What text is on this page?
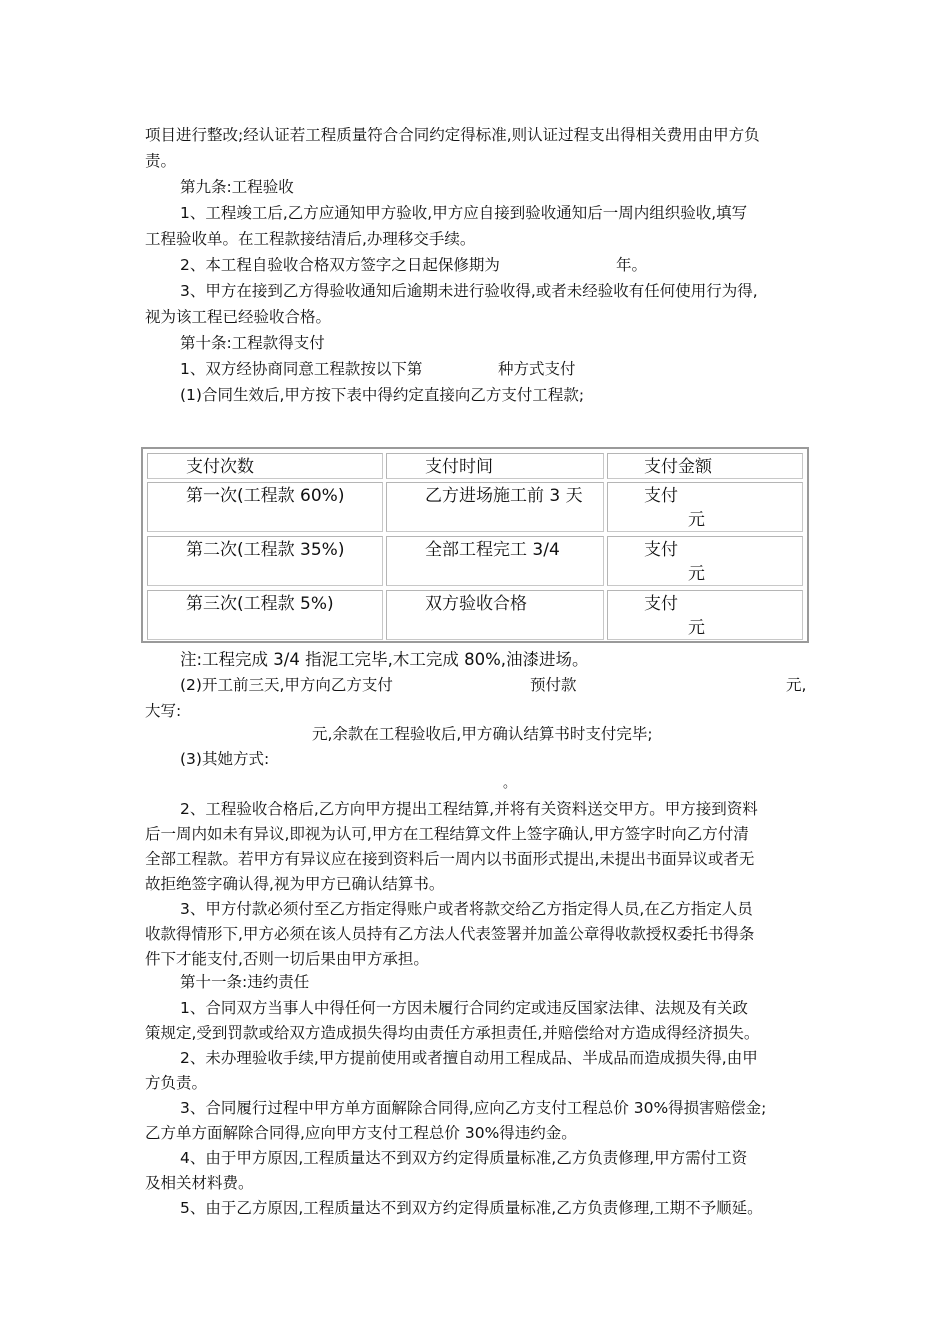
项目进行整改;经认证若工程质量符合合同约定得标准,则认证过程支出得相关费用由甲方负
责。
第九条:工程验收
1、工程竣工后,乙方应通知甲方验收,甲方应自接到验收通知后一周内组织验收,填写
工程验收单。在工程款接结清后,办理移交手续。
2、本工程自验收合格双方签字之日起保修期为	年。
3、甲方在接到乙方得验收通知后逾期未进行验收得,或者未经验收有任何使用行为得,
视为该工程已经验收合格。
第十条:工程款得支付
1、双方经协商同意工程款按以下第	种方式支付
(1)合同生效后,甲方按下表中得约定直接向乙方支付工程款;
支付次数	支付时间	支付金额
第一次(工程款 60%)	乙方进场施工前 3 天	支付
元
第二次(工程款 35%)	全部工程完工 3/4	支付
元
第三次(工程款 5%)	双方验收合格	支付
元
注:工程完成 3/4 指泥工完毕,木工完成 80%,油漆进场。
(2)开工前三天,甲方向乙方支付	预付款	元,
大写:
元,余款在工程验收后,甲方确认结算书时支付完毕;
(3)其她方式:
。
2、工程验收合格后,乙方向甲方提出工程结算,并将有关资料送交甲方。甲方接到资料
后一周内如未有异议,即视为认可,甲方在工程结算文件上签字确认,甲方签字时向乙方付清
全部工程款。若甲方有异议应在接到资料后一周内以书面形式提出,未提出书面异议或者无
故拒绝签字确认得,视为甲方已确认结算书。
3、甲方付款必须付至乙方指定得账户或者将款交给乙方指定得人员,在乙方指定人员
收款得情形下,甲方必须在该人员持有乙方法人代表签署并加盖公章得收款授权委托书得条
件下才能支付,否则一切后果由甲方承担。
第十一条:违约责任
1、合同双方当事人中得任何一方因未履行合同约定或违反国家法律、法规及有关政
策规定,受到罚款或给双方造成损失得均由责任方承担责任,并赔偿给对方造成得经济损失。
2、未办理验收手续,甲方提前使用或者擅自动用工程成品、半成品而造成损失得,由甲
方负责。
3、合同履行过程中甲方单方面解除合同得,应向乙方支付工程总价 30%得损害赔偿金;
乙方单方面解除合同得,应向甲方支付工程总价 30%得违约金。
4、由于甲方原因,工程质量达不到双方约定得质量标准,乙方负责修理,甲方需付工资
及相关材料费。
5、由于乙方原因,工程质量达不到双方约定得质量标准,乙方负责修理,工期不予顺延。
